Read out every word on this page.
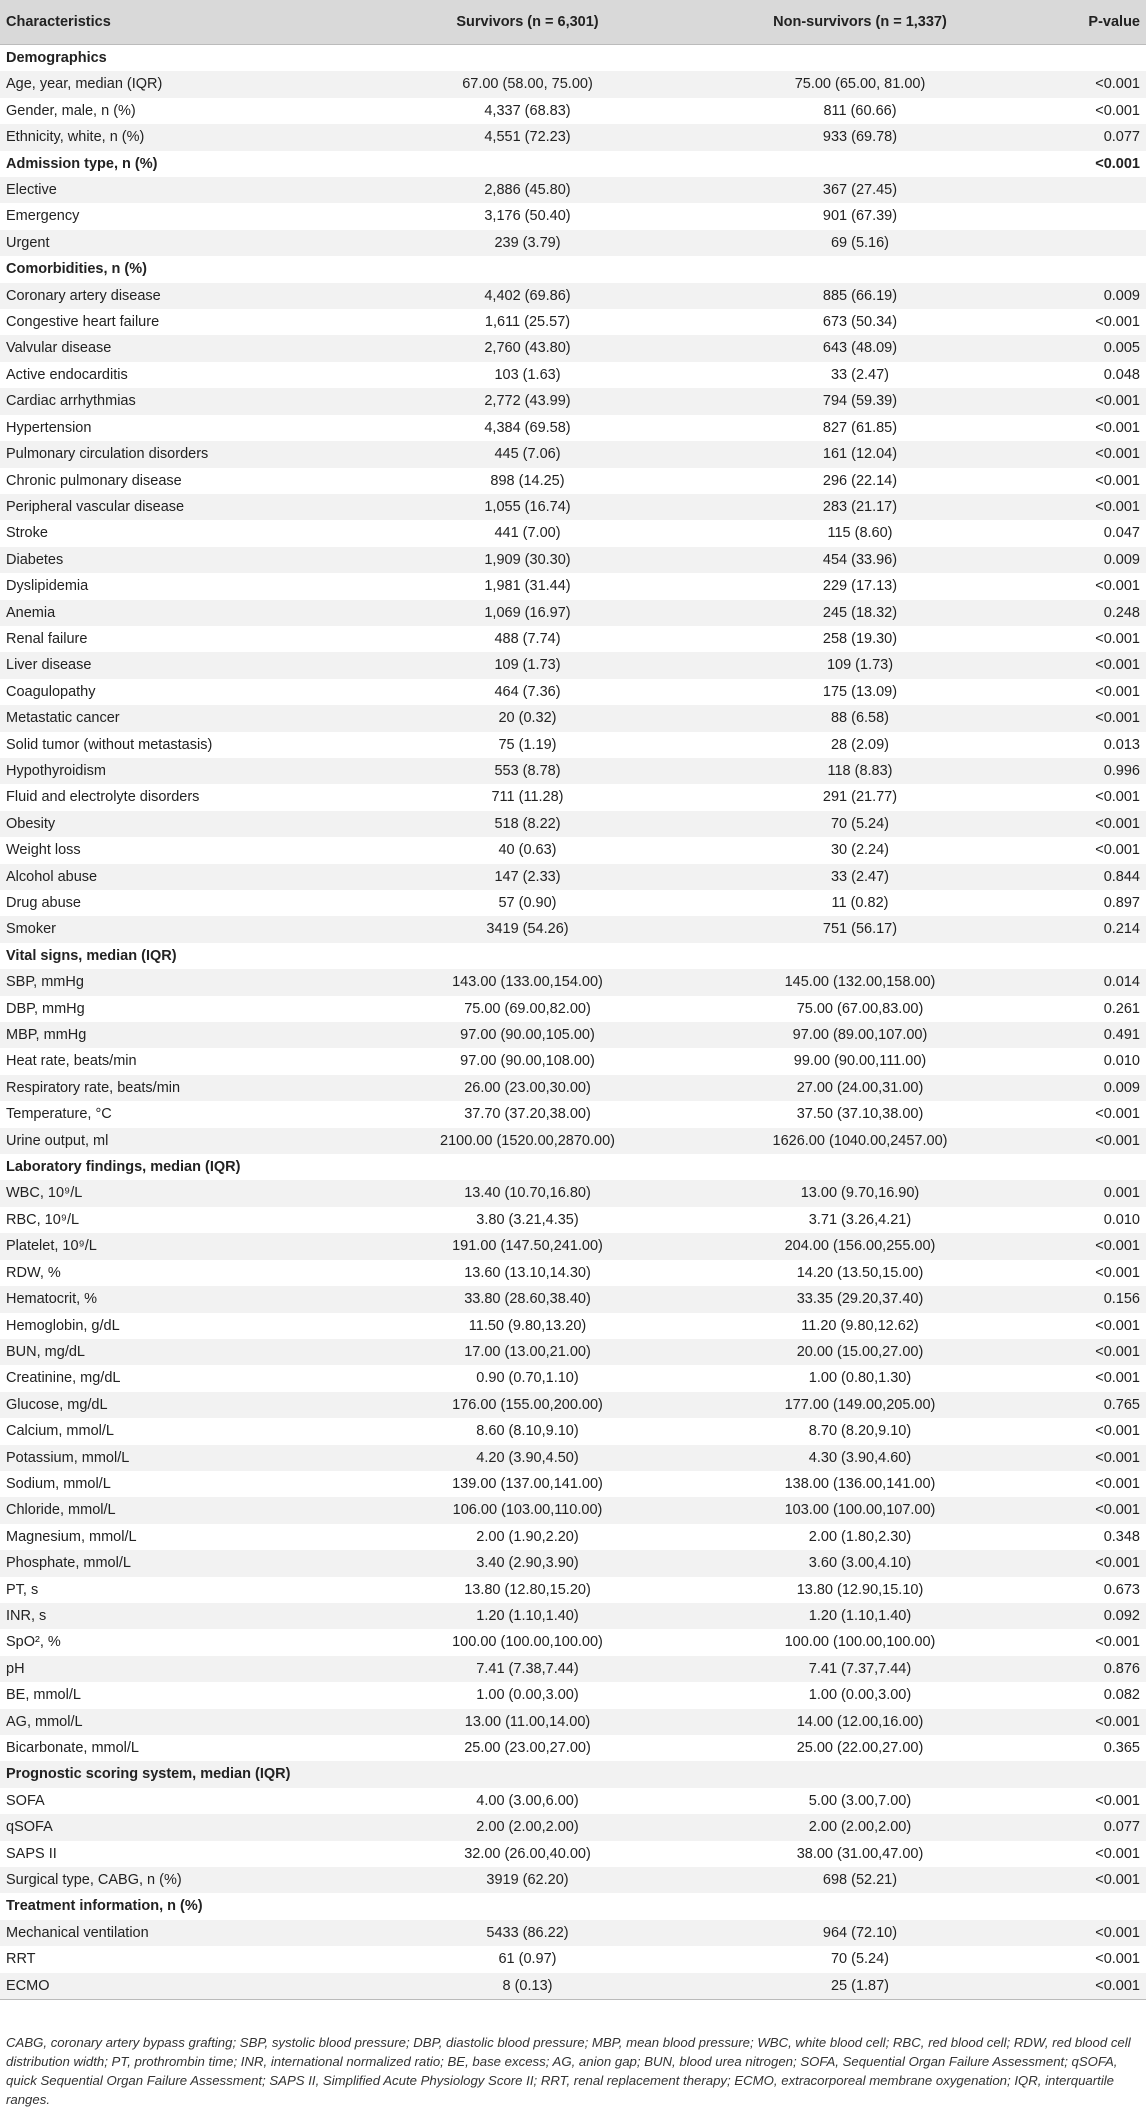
Characteristics	Survivors (n = 6,301)	Non-survivors (n = 1,337)	P-value
Demographics			
Age, year, median (IQR)	67.00 (58.00, 75.00)	75.00 (65.00, 81.00)	<0.001
Gender, male, n (%)	4,337 (68.83)	811 (60.66)	<0.001
Ethnicity, white, n (%)	4,551 (72.23)	933 (69.78)	0.077
Admission type, n (%)			<0.001
Elective	2,886 (45.80)	367 (27.45)	
Emergency	3,176 (50.40)	901 (67.39)	
Urgent	239 (3.79)	69 (5.16)	
Comorbidities, n (%)			
Coronary artery disease	4,402 (69.86)	885 (66.19)	0.009
Congestive heart failure	1,611 (25.57)	673 (50.34)	<0.001
Valvular disease	2,760 (43.80)	643 (48.09)	0.005
Active endocarditis	103 (1.63)	33 (2.47)	0.048
Cardiac arrhythmias	2,772 (43.99)	794 (59.39)	<0.001
Hypertension	4,384 (69.58)	827 (61.85)	<0.001
Pulmonary circulation disorders	445 (7.06)	161 (12.04)	<0.001
Chronic pulmonary disease	898 (14.25)	296 (22.14)	<0.001
Peripheral vascular disease	1,055 (16.74)	283 (21.17)	<0.001
Stroke	441 (7.00)	115 (8.60)	0.047
Diabetes	1,909 (30.30)	454 (33.96)	0.009
Dyslipidemia	1,981 (31.44)	229 (17.13)	<0.001
Anemia	1,069 (16.97)	245 (18.32)	0.248
Renal failure	488 (7.74)	258 (19.30)	<0.001
Liver disease	109 (1.73)	109 (1.73)	<0.001
Coagulopathy	464 (7.36)	175 (13.09)	<0.001
Metastatic cancer	20 (0.32)	88 (6.58)	<0.001
Solid tumor (without metastasis)	75 (1.19)	28 (2.09)	0.013
Hypothyroidism	553 (8.78)	118 (8.83)	0.996
Fluid and electrolyte disorders	711 (11.28)	291 (21.77)	<0.001
Obesity	518 (8.22)	70 (5.24)	<0.001
Weight loss	40 (0.63)	30 (2.24)	<0.001
Alcohol abuse	147 (2.33)	33 (2.47)	0.844
Drug abuse	57 (0.90)	11 (0.82)	0.897
Smoker	3419 (54.26)	751 (56.17)	0.214
Vital signs, median (IQR)			
SBP, mmHg	143.00 (133.00,154.00)	145.00 (132.00,158.00)	0.014
DBP, mmHg	75.00 (69.00,82.00)	75.00 (67.00,83.00)	0.261
MBP, mmHg	97.00 (90.00,105.00)	97.00 (89.00,107.00)	0.491
Heat rate, beats/min	97.00 (90.00,108.00)	99.00 (90.00,111.00)	0.010
Respiratory rate, beats/min	26.00 (23.00,30.00)	27.00 (24.00,31.00)	0.009
Temperature, °C	37.70 (37.20,38.00)	37.50 (37.10,38.00)	<0.001
Urine output, ml	2100.00 (1520.00,2870.00)	1626.00 (1040.00,2457.00)	<0.001
Laboratory findings, median (IQR)			
WBC, 10⁹/L	13.40 (10.70,16.80)	13.00 (9.70,16.90)	0.001
RBC, 10⁹/L	3.80 (3.21,4.35)	3.71 (3.26,4.21)	0.010
Platelet, 10⁹/L	191.00 (147.50,241.00)	204.00 (156.00,255.00)	<0.001
RDW, %	13.60 (13.10,14.30)	14.20 (13.50,15.00)	<0.001
Hematocrit, %	33.80 (28.60,38.40)	33.35 (29.20,37.40)	0.156
Hemoglobin, g/dL	11.50 (9.80,13.20)	11.20 (9.80,12.62)	<0.001
BUN, mg/dL	17.00 (13.00,21.00)	20.00 (15.00,27.00)	<0.001
Creatinine, mg/dL	0.90 (0.70,1.10)	1.00 (0.80,1.30)	<0.001
Glucose, mg/dL	176.00 (155.00,200.00)	177.00 (149.00,205.00)	0.765
Calcium, mmol/L	8.60 (8.10,9.10)	8.70 (8.20,9.10)	<0.001
Potassium, mmol/L	4.20 (3.90,4.50)	4.30 (3.90,4.60)	<0.001
Sodium, mmol/L	139.00 (137.00,141.00)	138.00 (136.00,141.00)	<0.001
Chloride, mmol/L	106.00 (103.00,110.00)	103.00 (100.00,107.00)	<0.001
Magnesium, mmol/L	2.00 (1.90,2.20)	2.00 (1.80,2.30)	0.348
Phosphate, mmol/L	3.40 (2.90,3.90)	3.60 (3.00,4.10)	<0.001
PT, s	13.80 (12.80,15.20)	13.80 (12.90,15.10)	0.673
INR, s	1.20 (1.10,1.40)	1.20 (1.10,1.40)	0.092
SpO², %	100.00 (100.00,100.00)	100.00 (100.00,100.00)	<0.001
pH	7.41 (7.38,7.44)	7.41 (7.37,7.44)	0.876
BE, mmol/L	1.00 (0.00,3.00)	1.00 (0.00,3.00)	0.082
AG, mmol/L	13.00 (11.00,14.00)	14.00 (12.00,16.00)	<0.001
Bicarbonate, mmol/L	25.00 (23.00,27.00)	25.00 (22.00,27.00)	0.365
Prognostic scoring system, median (IQR)			
SOFA	4.00 (3.00,6.00)	5.00 (3.00,7.00)	<0.001
qSOFA	2.00 (2.00,2.00)	2.00 (2.00,2.00)	0.077
SAPS II	32.00 (26.00,40.00)	38.00 (31.00,47.00)	<0.001
Surgical type, CABG, n (%)	3919 (62.20)	698 (52.21)	<0.001
Treatment information, n (%)			
Mechanical ventilation	5433 (86.22)	964 (72.10)	<0.001
RRT	61 (0.97)	70 (5.24)	<0.001
ECMO	8 (0.13)	25 (1.87)	<0.001
CABG, coronary artery bypass grafting; SBP, systolic blood pressure; DBP, diastolic blood pressure; MBP, mean blood pressure; WBC, white blood cell; RBC, red blood cell; RDW, red blood cell distribution width; PT, prothrombin time; INR, international normalized ratio; BE, base excess; AG, anion gap; BUN, blood urea nitrogen; SOFA, Sequential Organ Failure Assessment; qSOFA, quick Sequential Organ Failure Assessment; SAPS II, Simplified Acute Physiology Score II; RRT, renal replacement therapy; ECMO, extracorporeal membrane oxygenation; IQR, interquartile ranges.
